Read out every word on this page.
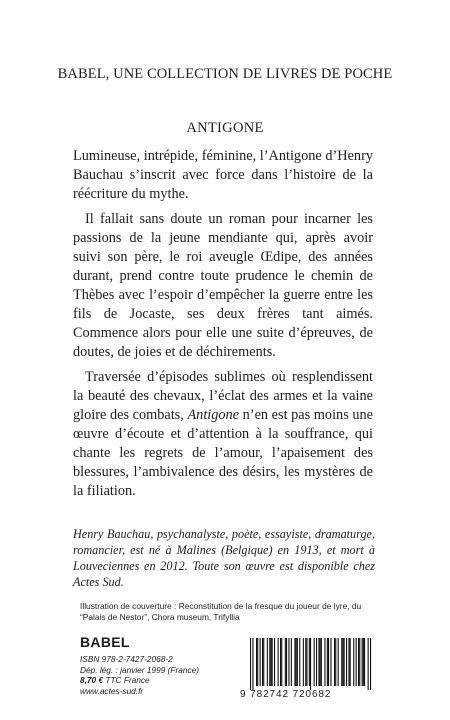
BABEL, UNE COLLECTION DE LIVRES DE POCHE
ANTIGONE

Lumineuse, intrépide, féminine, l’Antigone d’Henry Bauchau s’inscrit avec force dans l’histoire de la réécriture du mythe.

Il fallait sans doute un roman pour incarner les passions de la jeune mendiante qui, après avoir suivi son père, le roi aveugle Œdipe, des années durant, prend contre toute prudence le chemin de Thèbes avec l’espoir d’empêcher la guerre entre les fils de Jocaste, ses deux frères tant aimés. Commence alors pour elle une suite d’épreuves, de doutes, de joies et de déchirements.

Traversée d’épisodes sublimes où resplendissent la beauté des chevaux, l’éclat des armes et la vaine gloire des combats, Antigone n’en est pas moins une œuvre d’écoute et d’attention à la souffrance, qui chante les regrets de l’amour, l’apaisement des blessures, l’ambivalence des désirs, les mystères de la filiation.

Henry Bauchau, psychanalyste, poète, essayiste, dramaturge, romancier, est né à Malines (Belgique) en 1913, et mort à Louveciennes en 2012. Toute son œuvre est disponible chez Actes Sud.
Illustration de couverture : Reconstitution de la fresque du joueur de lyre, du “Palais de Nestor”, Chora museum, Trifyllia
BABEL
ISBN 978-2-7427-2068-2
Dép. lég. : janvier 1999 (France)
8,70 € TTC France
www.actes-sud.fr	9 782742 720682
